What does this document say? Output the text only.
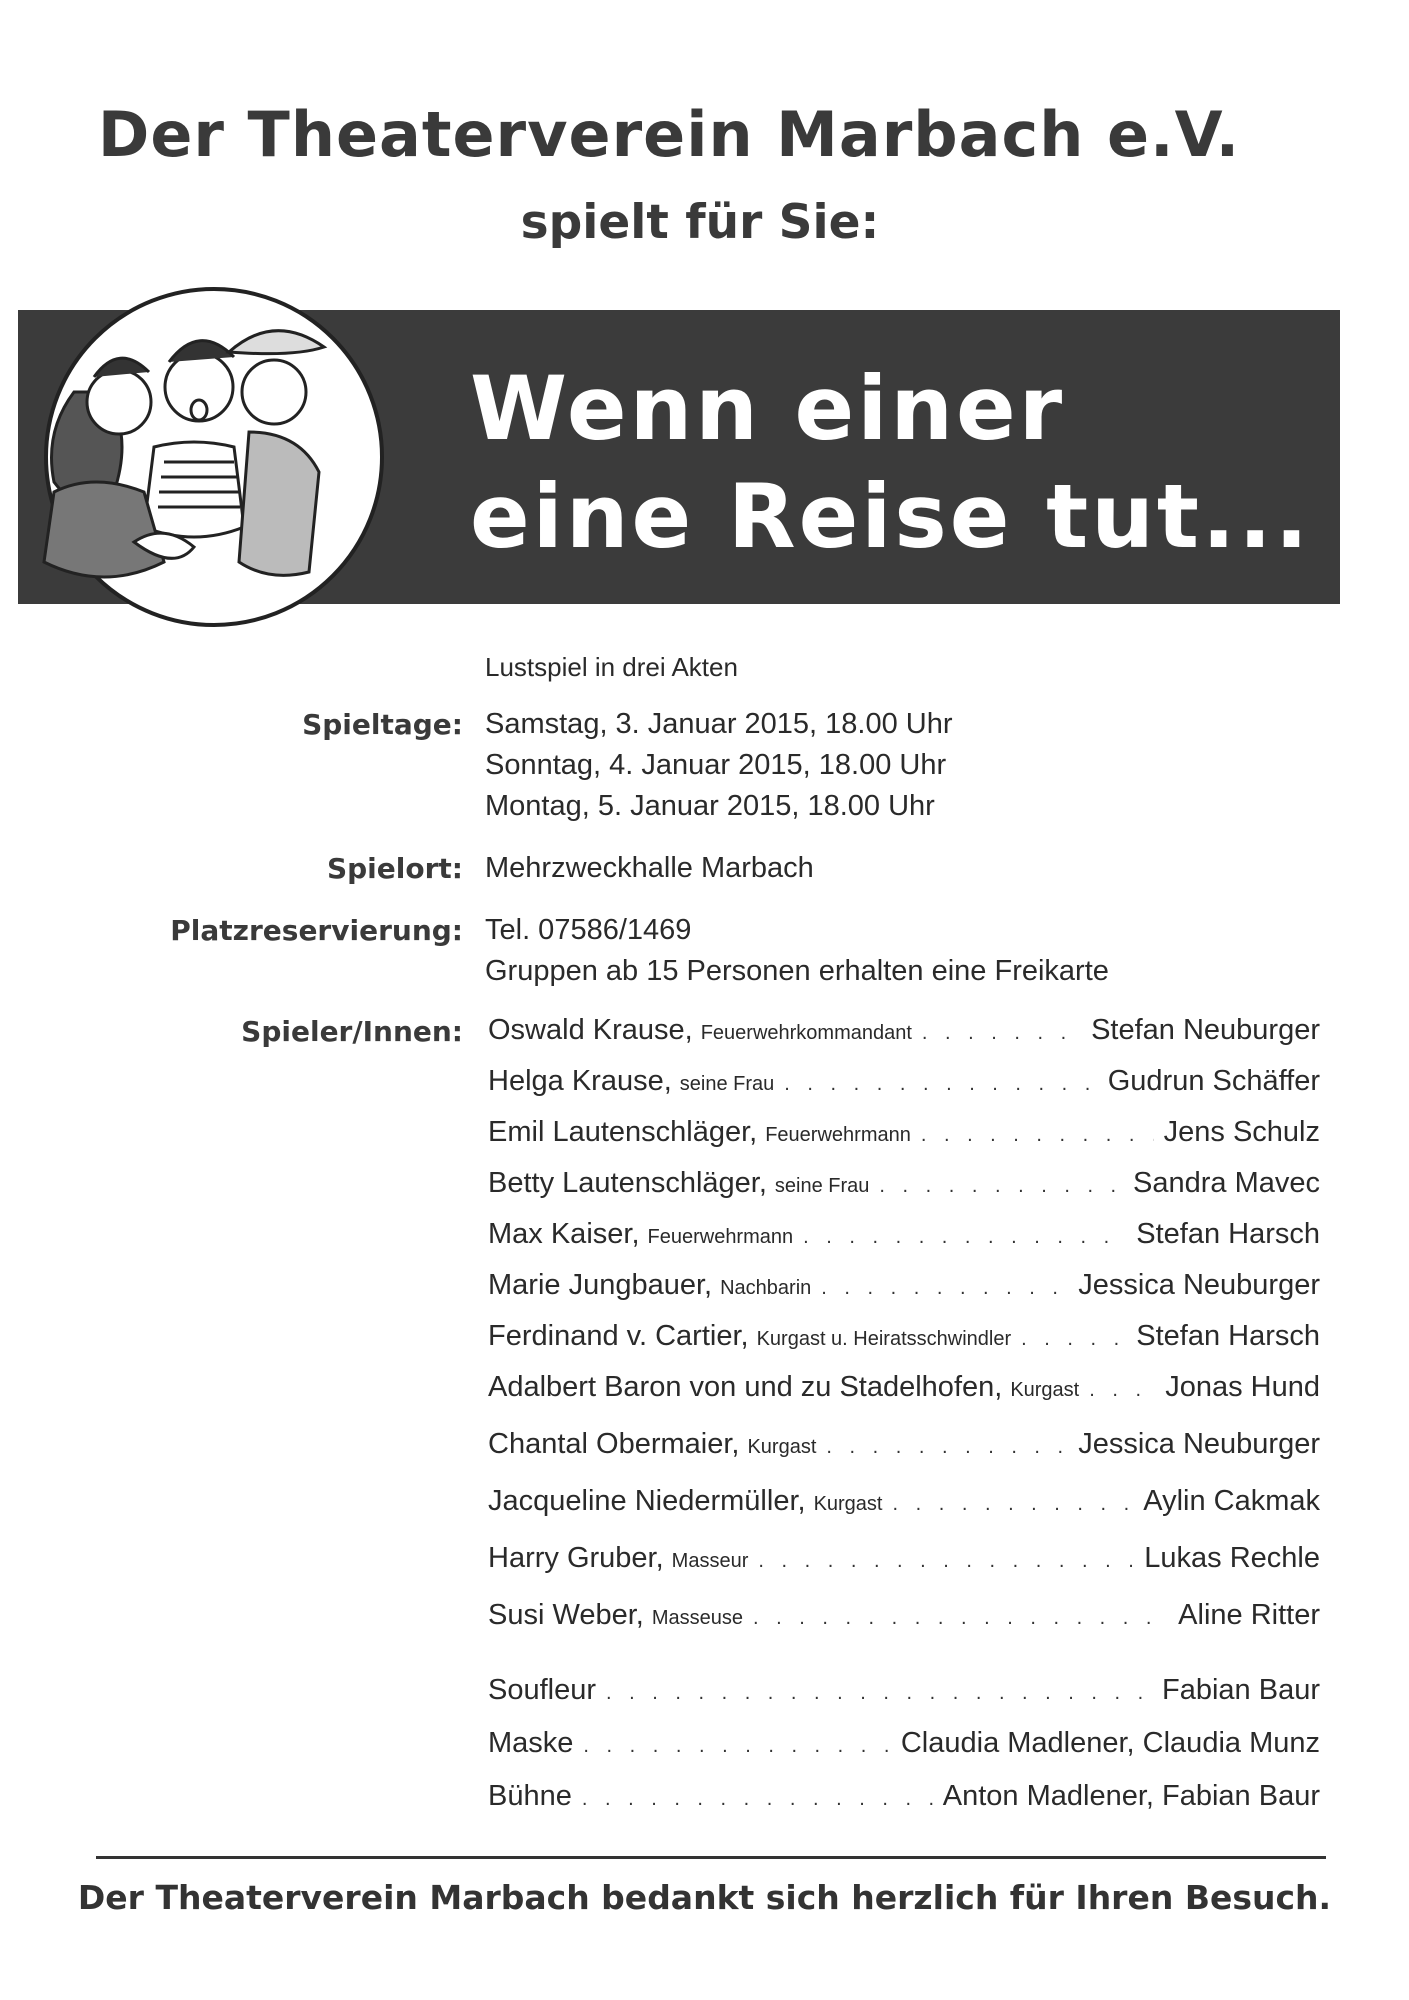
Der Theaterverein Marbach e.V.
spielt für Sie:
Wenn einer
eine Reise tut...
Lustspiel in drei Akten
Spieltage: Samstag, 3. Januar 2015, 18.00 Uhr
Sonntag, 4. Januar 2015, 18.00 Uhr
Montag, 5. Januar 2015, 18.00 Uhr
Spielort: Mehrzweckhalle Marbach
Platzreservierung: Tel. 07586/1469
Gruppen ab 15 Personen erhalten eine Freikarte
Spieler/Innen: Oswald Krause, Feuerwehrkommandant . . .	Stefan Neuburger
Helga Krause, seine Frau . . .	Gudrun Schäffer
Emil Lautenschläger, Feuerwehrmann . . .	Jens Schulz
Betty Lautenschläger, seine Frau . . .	Sandra Mavec
Max Kaiser, Feuerwehrmann . . .	Stefan Harsch
Marie Jungbauer, Nachbarin . . .	Jessica Neuburger
Ferdinand v. Cartier, Kurgast u. Heiratsschwindler . . .	Stefan Harsch
Adalbert Baron von und zu Stadelhofen, Kurgast . . .	Jonas Hund
Chantal Obermaier, Kurgast . . .	Jessica Neuburger
Jacqueline Niedermüller, Kurgast . . .	Aylin Cakmak
Harry Gruber, Masseur . . .	Lukas Rechle
Susi Weber, Masseuse . . .	Aline Ritter
Soufleur . . .	Fabian Baur
Maske . . .	Claudia Madlener, Claudia Munz
Bühne . . .	Anton Madlener, Fabian Baur
Der Theaterverein Marbach bedankt sich herzlich für Ihren Besuch.
